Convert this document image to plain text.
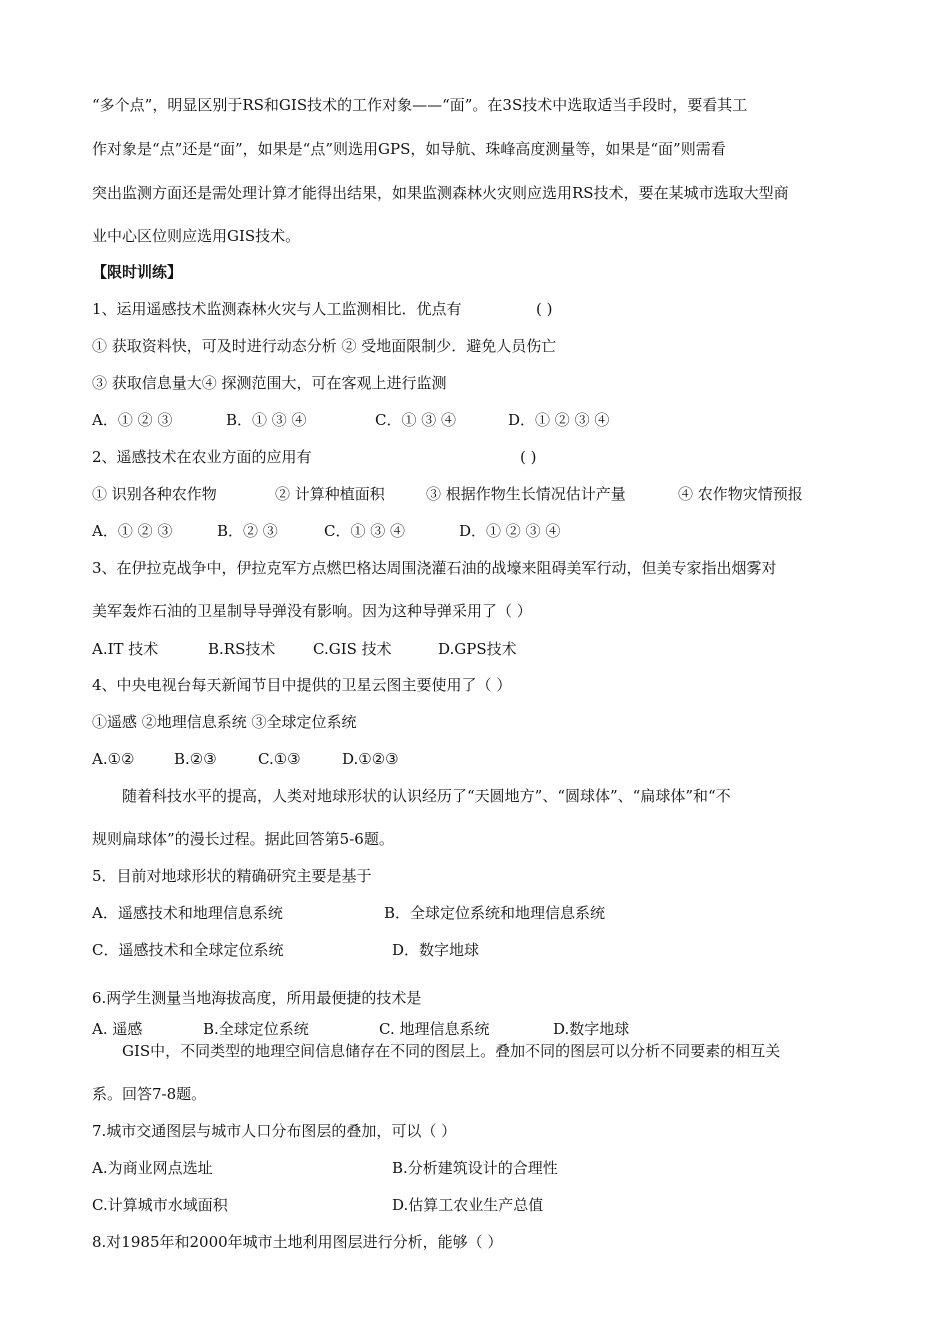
“多个点”，明显区别于RS和GIS技术的工作对象——“面”。在3S技术中选取适当手段时，要看其工
作对象是“点”还是“面”，如果是“点”则选用GPS，如导航、珠峰高度测量等，如果是“面”则需看
突出监测方面还是需处理计算才能得出结果，如果监测森林火灾则应选用RS技术，要在某城市选取大型商
业中心区位则应选用GIS技术。
【限时训练】
1、运用遥感技术监测森林火灾与人工监测相比．优点有	( )
① 获取资料快，可及时进行动态分析 ② 受地面限制少．避免人员伤亡
③ 获取信息量大④ 探测范围大，可在客观上进行监测
A．① ② ③	B．① ③ ④	C．① ③ ④	D．① ② ③ ④
2、遥感技术在农业方面的应用有	( )
① 识别各种农作物	② 计算种植面积	③ 根据作物生长情况估计产量	④ 农作物灾情预报
A．① ② ③	B．② ③	C．① ③ ④	D．① ② ③ ④
3、在伊拉克战争中，伊拉克军方点燃巴格达周围浇灌石油的战壕来阻碍美军行动，但美专家指出烟雾对
美军轰炸石油的卫星制导导弹没有影响。因为这种导弹采用了（ ）
A.IT 技术	B.RS技术	C.GIS 技术	D.GPS技术
4、中央电视台每天新闻节目中提供的卫星云图主要使用了（ ）
①遥感 ②地理信息系统 ③全球定位系统
A.①②	B.②③	C.①③	D.①②③
随着科技水平的提高，人类对地球形状的认识经历了“天圆地方”、“圆球体”、“扁球体”和“不
规则扁球体”的漫长过程。据此回答第5-6题。
5．目前对地球形状的精确研究主要是基于
A．遥感技术和地理信息系统	B．全球定位系统和地理信息系统
C．遥感技术和全球定位系统	D．数字地球
6.两学生测量当地海拔高度，所用最便捷的技术是
A. 遥感	B.全球定位系统	C. 地理信息系统	D.数字地球
GIS中，不同类型的地理空间信息储存在不同的图层上。叠加不同的图层可以分析不同要素的相互关
系。回答7-8题。
7.城市交通图层与城市人口分布图层的叠加，可以（ ）
A.为商业网点选址	B.分析建筑设计的合理性
C.计算城市水域面积	D.估算工农业生产总值
8.对1985年和2000年城市土地利用图层进行分析，能够（ ）
